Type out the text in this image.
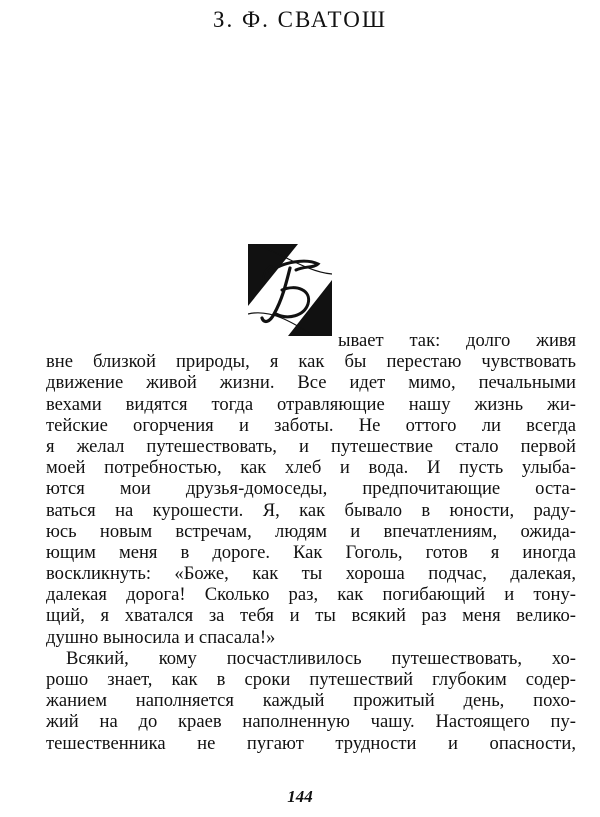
З. Ф. СВАТОШ
ывает так: долго живя
вне близкой природы, я как бы перестаю чувствовать
движение живой жизни. Все идет мимо, печальными
вехами видятся тогда отравляющие нашу жизнь жи-
тейские огорчения и заботы. Не оттого ли всегда
я желал путешествовать, и путешествие стало первой
моей потребностью, как хлеб и вода. И пусть улыба-
ются мои друзья-домоседы, предпочитающие оста-
ваться на курошести. Я, как бывало в юности, раду-
юсь новым встречам, людям и впечатлениям, ожида-
ющим меня в дороге. Как Гоголь, готов я иногда
воскликнуть: «Боже, как ты хороша подчас, далекая,
далекая дорога! Сколько раз, как погибающий и тону-
щий, я хватался за тебя и ты всякий раз меня велико-
душно выносила и спасала!»
Всякий, кому посчастливилось путешествовать, хо-
рошо знает, как в сроки путешествий глубоким содер-
жанием наполняется каждый прожитый день, похо-
жий на до краев наполненную чашу. Настоящего пу-
тешественника не пугают трудности и опасности,
144
